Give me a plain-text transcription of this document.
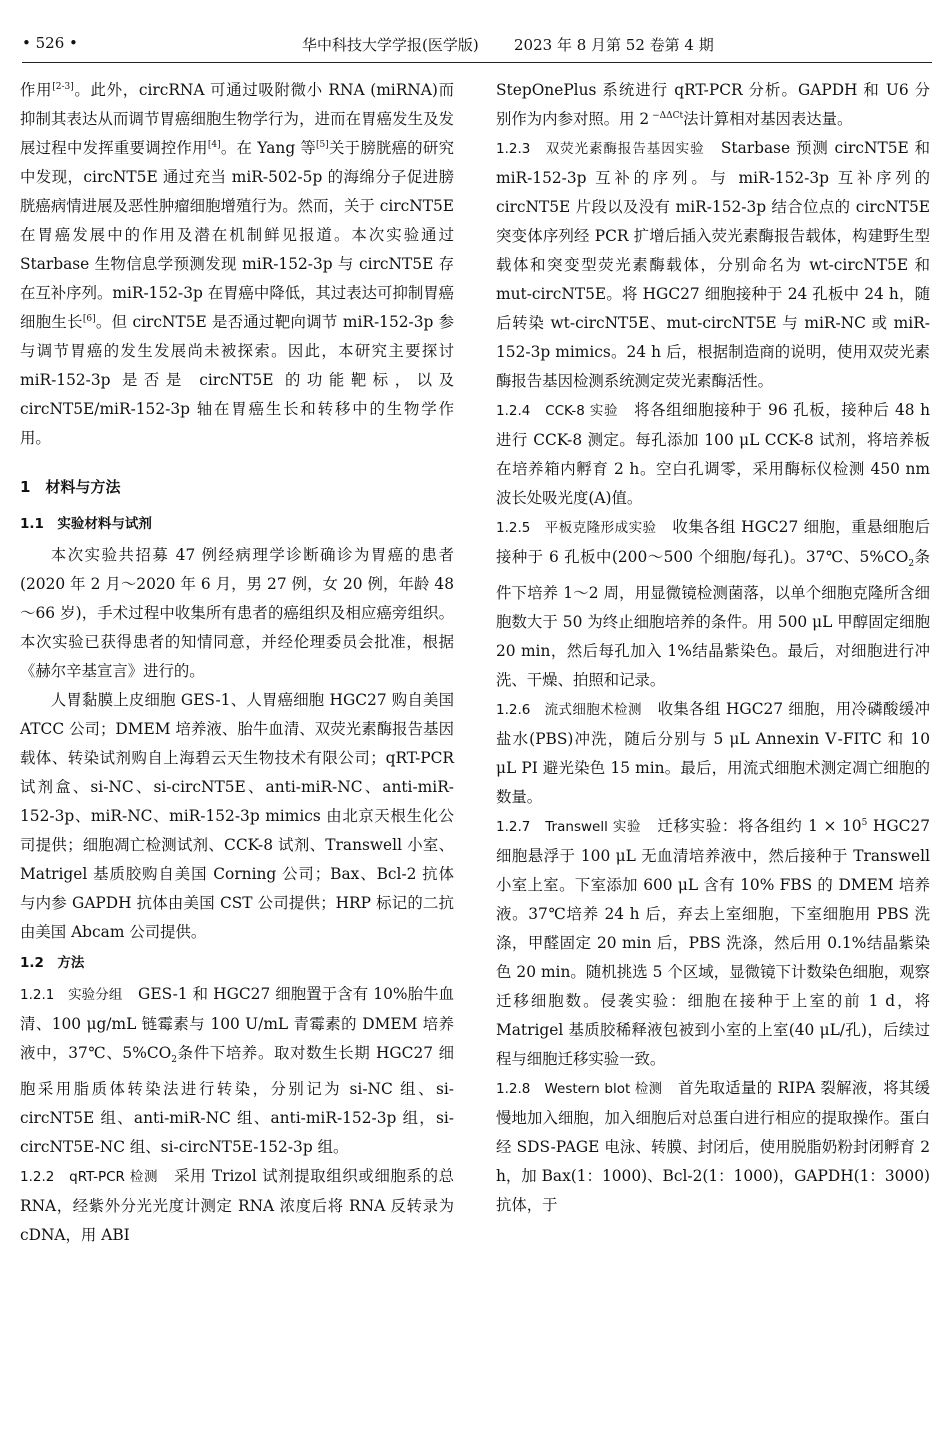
• 526 •	华中科技大学学报(医学版) 2023 年 8 月第 52 卷第 4 期

作用[2-3]。此外，circRNA 可通过吸附微小 RNA (miRNA)而抑制其表达从而调节胃癌细胞生物学行为，进而在胃癌发生及发展过程中发挥重要调控作用[4]。在 Yang 等[5]关于膀胱癌的研究中发现，circNT5E 通过充当 miR-502-5p 的海绵分子促进膀胱癌病情进展及恶性肿瘤细胞增殖行为。然而，关于 circNT5E 在胃癌发展中的作用及潜在机制鲜见报道。本次实验通过 Starbase 生物信息学预测发现 miR-152-3p 与 circNT5E 存在互补序列。miR-152-3p 在胃癌中降低，其过表达可抑制胃癌细胞生长[6]。但 circNT5E 是否通过靶向调节 miR-152-3p 参与调节胃癌的发生发展尚未被探索。因此，本研究主要探讨 miR-152-3p 是否是 circNT5E 的功能靶标，以及 circNT5E/miR-152-3p 轴在胃癌生长和转移中的生物学作用。

1　材料与方法

1.1　实验材料与试剂

本次实验共招募 47 例经病理学诊断确诊为胃癌的患者(2020 年 2 月～2020 年 6 月，男 27 例，女 20 例，年龄 48～66 岁)，手术过程中收集所有患者的癌组织及相应癌旁组织。本次实验已获得患者的知情同意，并经伦理委员会批准，根据《赫尔辛基宣言》进行的。

人胃黏膜上皮细胞 GES-1、人胃癌细胞 HGC27 购自美国 ATCC 公司；DMEM 培养液、胎牛血清、双荧光素酶报告基因载体、转染试剂购自上海碧云天生物技术有限公司；qRT-PCR 试剂盒、si-NC、si-circNT5E、anti-miR-NC、anti-miR-152-3p、miR-NC、miR-152-3p mimics 由北京天根生化公司提供；细胞凋亡检测试剂、CCK-8 试剂、Transwell 小室、Matrigel 基质胶购自美国 Corning 公司；Bax、Bcl-2 抗体与内参 GAPDH 抗体由美国 CST 公司提供；HRP 标记的二抗由美国 Abcam 公司提供。

1.2　方法

1.2.1　实验分组　GES-1 和 HGC27 细胞置于含有 10%胎牛血清、100 μg/mL 链霉素与 100 U/mL 青霉素的 DMEM 培养液中，37℃、$5\%CO_2$条件下培养。取对数生长期 HGC27 细胞采用脂质体转染法进行转染，分别记为 si-NC 组、si-circNT5E 组、anti-miR-NC 组、anti-miR-152-3p 组，si-circNT5E-NC 组、si-circNT5E-152-3p 组。

1.2.2　qRT-PCR 检测　采用 Trizol 试剂提取组织或细胞系的总 RNA，经紫外分光光度计测定 RNA 浓度后将 RNA 反转录为 cDNA，用 ABI

StepOnePlus 系统进行 qRT-PCR 分析。GAPDH 和 U6 分别作为内参对照。用 2 $^{-\Delta\Delta Ct}$法计算相对基因表达量。

1.2.3　双荧光素酶报告基因实验　Starbase 预测 circNT5E 和 miR-152-3p 互补的序列。与 miR-152-3p 互补序列的 circNT5E 片段以及没有 miR-152-3p 结合位点的 circNT5E 突变体序列经 PCR 扩增后插入荧光素酶报告载体，构建野生型载体和突变型荧光素酶载体，分别命名为 wt-circNT5E 和 mut-circNT5E。将 HGC27 细胞接种于 24 孔板中 24 h，随后转染 wt-circNT5E、mut-circNT5E 与 miR-NC 或 miR-152-3p mimics。24 h 后，根据制造商的说明，使用双荧光素酶报告基因检测系统测定荧光素酶活性。

1.2.4　CCK-8 实验　将各组细胞接种于 96 孔板，接种后 48 h 进行 CCK-8 测定。每孔添加 100 μL CCK-8 试剂，将培养板在培养箱内孵育 2 h。空白孔调零，采用酶标仪检测 450 nm 波长处吸光度(A)值。

1.2.5　平板克隆形成实验　收集各组 HGC27 细胞，重悬细胞后接种于 6 孔板中(200～500 个细胞/每孔)。37℃、$5\%CO_2$条件下培养 1～2 周，用显微镜检测菌落，以单个细胞克隆所含细胞数大于 50 为终止细胞培养的条件。用 500 μL 甲醇固定细胞 20 min，然后每孔加入 1%结晶紫染色。最后，对细胞进行冲洗、干燥、拍照和记录。

1.2.6　流式细胞术检测　收集各组 HGC27 细胞，用冷磷酸缓冲盐水(PBS)冲洗，随后分别与 5 μL Annexin Ⅴ-FITC 和 10 μL PI 避光染色 15 min。最后，用流式细胞术测定凋亡细胞的数量。

1.2.7　Transwell 实验　迁移实验：将各组约 $1 \times 10^5$ HGC27 细胞悬浮于 100 μL 无血清培养液中，然后接种于 Transwell 小室上室。下室添加 600 μL 含有 10% FBS 的 DMEM 培养液。37℃培养 24 h 后，弃去上室细胞，下室细胞用 PBS 洗涤，甲醛固定 20 min 后，PBS 洗涤，然后用 0.1%结晶紫染色 20 min。随机挑选 5 个区域，显微镜下计数染色细胞，观察迁移细胞数。侵袭实验：细胞在接种于上室的前 1 d，将 Matrigel 基质胶稀释液包被到小室的上室(40 μL/孔)，后续过程与细胞迁移实验一致。

1.2.8　Western blot 检测　首先取适量的 RIPA 裂解液，将其缓慢地加入细胞，加入细胞后对总蛋白进行相应的提取操作。蛋白经 SDS-PAGE 电泳、转膜、封闭后，使用脱脂奶粉封闭孵育 2 h，加 Bax(1：1000)、Bcl-2(1：1000)，GAPDH(1：3000)抗体，于
